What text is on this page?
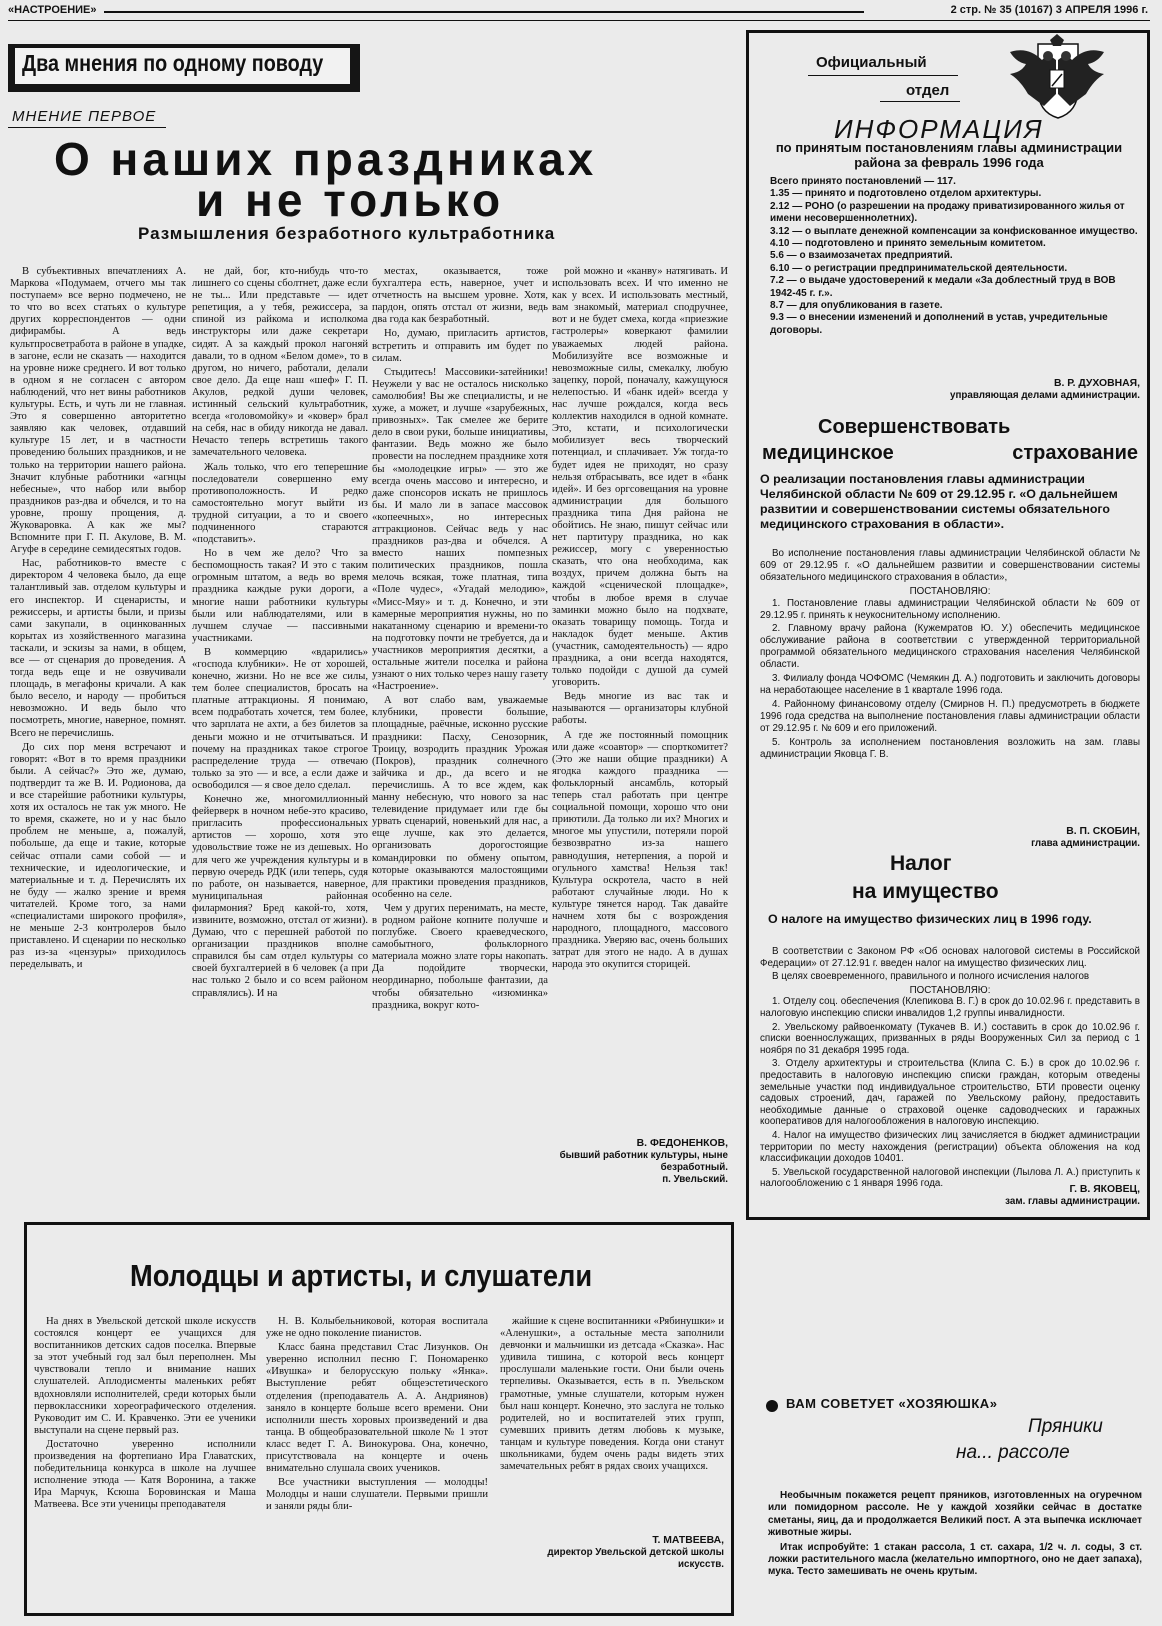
«НАСТРОЕНИЕ»	2 стр. № 35 (10167) 3 АПРЕЛЯ 1996 г.
Два мнения по одному поводу
МНЕНИЕ ПЕРВОЕ
О наших праздниках
и не только
Размышления безработного культработника

В субъективных впечатлениях А. Маркова «Подумаем, отчего мы так поступаем» все верно подмечено, не то что во всех статьях о культуре других корреспондентов — одни дифирамбы. А ведь культпросветработа в районе в упадке, в загоне, если не сказать — находится на уровне ниже среднего. И вот только в одном я не согласен с автором наблюдений, что нет вины работников культуры. Есть, и чуть ли не главная. Это я совершенно авторитетно заявляю как человек, отдавший культуре 15 лет, и в частности проведению больших праздников, и не только на территории нашего района. Значит клубные работники «агнцы небесные», что набор или выбор праздников раз-два и обчелся, и то на уровне, прошу прощения, д. Жуковаровка. А как же мы? Вспомните при Г. П. Акулове, В. М. Агуфе в середине семидесятых годов.

Нас, работников-то вместе с директором 4 человека было, да еще талантливый зав. отделом культуры и его инспектор. И сценаристы, и режиссеры, и артисты были, и призы сами закупали, в оцинкованных корытах из хозяйственного магазина таскали, и эскизы за нами, в общем, все — от сценария до проведения. А тогда ведь еще и не озвучивали площадь, в мегафоны кричали. А как было весело, и народу — пробиться невозможно. И ведь было что посмотреть, многие, наверное, помнят. Всего не перечислишь.

До сих пор меня встречают и говорят: «Вот в то время праздники были. А сейчас?» Это же, думаю, подтвердит та же В. И. Родионова, да и все старейшие работники культуры, хотя их осталось не так уж много. Не то время, скажете, но и у нас было проблем не меньше, а, пожалуй, побольше, да еще и такие, которые сейчас отпали сами собой — и технические, и идеологические, и материальные и т. д. Перечислять их не буду — жалко зрение и время читателей. Кроме того, за нами «специалистами широкого профиля», не меньше 2-3 контролеров было приставлено. И сценарии по несколько раз из-за «цензуры» приходилось переделывать, и

не дай, бог, кто-нибудь что-то лишнего со сцены сболтнет, даже если не ты... Или представьте — идет репетиция, а у тебя, режиссера, за спиной из райкома и исполкома инструкторы или даже секретари сидят. А за каждый прокол нагоняй давали, то в одном «Белом доме», то в другом, но ничего, работали, делали свое дело. Да еще наш «шеф» Г. П. Акулов, редкой души человек, истинный сельский культработник, всегда «головомойку» и «ковер» брал на себя, нас в обиду никогда не давал. Нечасто теперь встретишь такого замечательного человека.

Жаль только, что его теперешние последователи совершенно ему противоположность. И редко самостоятельно могут выйти из трудной ситуации, а то и своего подчиненного стараются «подставить».

Но в чем же дело? Что за беспомощность такая? И это с таким огромным штатом, а ведь во время праздника каждые руки дороги, а многие наши работники культуры были или наблюдателями, или в лучшем случае — пассивными участниками.

В коммерцию «вдарились» «господа клубники». Не от хорошей, конечно, жизни. Но не все же силы, тем более специалистов, бросать на платные аттракционы. Я понимаю, всем подработать хочется, тем более, что зарплата не ахти, а без билетов за деньги можно и не отчитываться. И почему на праздниках такое строгое распределение труда — отвечаю только за это — и все, а если даже и освободился — я свое дело сделал.

Конечно же, многомиллионный фейерверк в ночном небе-это красиво, пригласить профессиональных артистов — хорошо, хотя это удовольствие тоже не из дешевых. Но для чего же учреждения культуры и в первую очередь РДК (или теперь, судя по работе, он называется, наверное, муниципальная районная филармония? Бред какой-то, хотя, извините, возможно, отстал от жизни). Думаю, что с перешней работой по организации праздников вполне справился бы сам отдел культуры со своей бухгалтерией в 6 человек (а при нас только 2 было и со всем районом справлялись). И на

местах, оказывается, тоже бухгалтера есть, наверное, учет и отчетность на высшем уровне. Хотя, пардон, опять отстал от жизни, ведь два года как безработный.

Но, думаю, пригласить артистов, встретить и отправить им будет по силам.

Стыдитесь! Массовики-затейники! Неужели у вас не осталось нисколько самолюбия! Вы же специалисты, и не хуже, а может, и лучше «зарубежных, привозных». Так смелее же берите дело в свои руки, больше инициативы, фантазии. Ведь можно же было провести на последнем празднике хотя бы «молодецкие игры» — это же всегда очень массово и интересно, и даже спонсоров искать не пришлось бы. И мало ли в запасе массовок «копеечных», но интересных аттракционов. Сейчас ведь у нас праздников раз-два и обчелся. А вместо наших помпезных политических праздников, пошла мелочь всякая, тоже платная, типа «Поле чудес», «Угадай мелодию», «Мисс-Мяу» и т. д. Конечно, и эти камерные мероприятия нужны, но по накатанному сценарию и времени-то на подготовку почти не требуется, да и участников мероприятия десятки, а остальные жители поселка и района узнают о них только через нашу газету «Настроение».

А вот слабо вам, уважаемые клубники, провести большие, площадные, раёчные, исконно русские праздники: Пасху, Сенозорник, Троицу, возродить праздник Урожая (Покров), праздник солнечного зайчика и др., да всего и не перечислишь. А то все ждем, как манну небесную, что нового за нас телевидение придумает или где бы урвать сценарий, новенький для нас, а еще лучше, как это делается, организовать дорогостоящие командировки по обмену опытом, которые оказываются малостоящими для практики проведения праздников, особенно на селе.

Чем у других перенимать, на месте, в родном районе копните получше и поглубже. Своего краеведческого, самобытного, фольклорного материала можно злате горы накопать. Да подойдите творчески, неординарно, побольше фантазии, да чтобы обязательно «изюминка» праздника, вокруг кото-

рой можно и «канву» натягивать. И использовать всех. И что именно не как у всех. И использовать местный, вам знакомый, материал сподручнее, вот и не будет смеха, когда «приезжие гастролеры» коверкают фамилии уважаемых людей района. Мобилизуйте все возможные и невозможные силы, смекалку, любую зацепку, порой, поначалу, кажущуюся нелепостью. И «банк идей» всегда у нас лучше рождался, когда весь коллектив находился в одной комнате. Это, кстати, и психологически мобилизует весь творческий потенциал, и сплачивает. Уж тогда-то будет идея не приходят, но сразу нельзя отбрасывать, все идет в «банк идей». И без оргсовещания на уровне администрации для большого праздника типа Дня района не обойтись. Не знаю, пишут сейчас или нет партитуру праздника, но как режиссер, могу с уверенностью сказать, что она необходима, как воздух, причем должна быть на каждой «сценической площадке», чтобы в любое время в случае заминки можно было на подхвате, оказать товарищу помощь. Тогда и накладок будет меньше. Актив (участник, самодеятельность) — ядро праздника, а они всегда находятся, только подойди с душой да сумей уговорить.

Ведь многие из вас так и называются — организаторы клубной работы.

А где же постоянный помощник или даже «соавтор» — спорткомитет? (Это же наши общие праздники) А ягодка каждого праздника — фольклорный ансамбль, который теперь стал работать при центре социальной помощи, хорошо что они приютили. Да только ли их? Многих и многое мы упустили, потеряли порой безвозвратно из-за нашего равнодушия, нетерпения, а порой и огульного хамства! Нельзя так! Культура оскротела, часто в ней работают случайные люди. Но к культуре тянется народ. Так давайте начнем хотя бы с возрождения народного, площадного, массового праздника. Уверяю вас, очень больших затрат для этого не надо. А в душах народа это окупится сторицей.

В. ФЕДОНЕНКОВ,
бывший работник культуры, ныне безработный.
п. Увельский.
Молодцы и артисты, и слушатели

На днях в Увельской детской школе искусств состоялся концерт ее учащихся для воспитанников детских садов поселка. Впервые за этот учебный год зал был переполнен. Мы чувствовали тепло и внимание наших слушателей. Аплодисменты маленьких ребят вдохновляли исполнителей, среди которых были первоклассники хореографического отделения. Руководит им С. И. Кравченко. Эти ее ученики выступали на сцене первый раз.

Достаточно уверенно исполнили произведения на фортепиано Ира Главатских, победительница конкурса в школе на лучшее исполнение этюда — Катя Воронина, а также Ира Марчук, Ксюша Боровинская и Маша Матвеева. Все эти ученицы преподавателя

Н. В. Колыбельниковой, которая воспитала уже не одно поколение пианистов.

Класс баяна представил Стас Лизунков. Он уверенно исполнил песню Г. Пономаренко «Ивушка» и белорусскую польку «Янка». Выступление ребят общеэстетического отделения (преподаватель А. А. Андриянов) заняло в концерте больше всего времени. Они исполнили шесть хоровых произведений и два танца. В общеобразовательной школе № 1 этот класс ведет Г. А. Винокурова. Она, конечно, присутствовала на концерте и очень внимательно слушала своих учеников.

Все участники выступления — молодцы! Молодцы и наши слушатели. Первыми пришли и заняли ряды бли-

жайшие к сцене воспитанники «Рябинушки» и «Аленушки», а остальные места заполнили девчонки и мальчишки из детсада «Сказка». Нас удивила тишина, с которой весь концерт прослушали маленькие гости. Они были очень терпеливы. Оказывается, есть в п. Увельском грамотные, умные слушатели, которым нужен был наш концерт. Конечно, это заслуга не только родителей, но и воспитателей этих групп, сумевших привить детям любовь к музыке, танцам и культуре поведения. Когда они станут школьниками, будем очень рады видеть этих замечательных ребят в рядах своих учащихся.

Т. МАТВЕЕВА,
директор Увельской детской школы искусств.
Официальный
отдел
ИНФОРМАЦИЯ
по принятым постановлениям главы администрации района за февраль 1996 года
Всего принято постановлений — 117.
1.35 — принято и подготовлено отделом архитектуры.
2.12 — РОНО (о разрешении на продажу приватизированного жилья от имени несовершеннолетних).
3.12 — о выплате денежной компенсации за конфискованное имущество.
4.10 — подготовлено и принято земельным комитетом.
5.6 — о взаимозачетах предприятий.
6.10 — о регистрации предпринимательской деятельности.
7.2 — о выдаче удостоверений к медали «За доблестный труд в ВОВ 1942-45 г. г.».
8.7 — для опубликования в газете.
9.3 — о внесении изменений и дополнений в устав, учредительные договоры.
В. Р. ДУХОВНАЯ,
управляющая делами администрации.
Совершенствовать
медицинское страхование
О реализации постановления главы администрации Челябинской области № 609 от 29.12.95 г. «О дальнейшем развитии и совершенствовании системы обязательного медицинского страхования в области».

Во исполнение постановления главы администрации Челябинской области № 609 от 29.12.95 г. «О дальнейшем развитии и совершенствовании системы обязательного медицинского страхования в области»,

ПОСТАНОВЛЯЮ:

1. Постановление главы администрации Челябинской области № 609 от 29.12.95 г. принять к неукоснительному исполнению.

2. Главному врачу района (Кужемратов Ю. У.) обеспечить медицинское обслуживание района в соответствии с утвержденной территориальной программой обязательного медицинского страхования населения Челябинской области.

3. Филиалу фонда ЧОФОМС (Чемякин Д. А.) подготовить и заключить договоры на неработающее население в 1 квартале 1996 года.

4. Районному финансовому отделу (Смирнов Н. П.) предусмотреть в бюджете 1996 года средства на выполнение постановления главы администрации области от 29.12.95 г. № 609 и его приложений.

5. Контроль за исполнением постановления возложить на зам. главы администрации Яковца Г. В.

В. П. СКОБИН,
глава администрации.
Налог
на имущество
О налоге на имущество физических лиц в 1996 году.

В соответствии с Законом РФ «Об основах налоговой системы в Российской Федерации» от 27.12.91 г. введен налог на имущество физических лиц.

В целях своевременного, правильного и полного исчисления налогов

ПОСТАНОВЛЯЮ:

1. Отделу соц. обеспечения (Клепикова В. Г.) в срок до 10.02.96 г. представить в налоговую инспекцию списки инвалидов 1,2 группы инвалидности.

2. Увельскому райвоенкомату (Тукачев В. И.) составить в срок до 10.02.96 г. списки военнослужащих, призванных в ряды Вооруженных Сил за период с 1 ноября по 31 декабря 1995 года.

3. Отделу архитектуры и строительства (Клипа С. Б.) в срок до 10.02.96 г. предоставить в налоговую инспекцию списки граждан, которым отведены земельные участки под индивидуальное строительство, БТИ провести оценку садовых строений, дач, гаражей по Увельскому району, предоставить необходимые данные о страховой оценке садоводческих и гаражных кооперативов для налогообложения в налоговую инспекцию.

4. Налог на имущество физических лиц зачисляется в бюджет администрации территории по месту нахождения (регистрации) объекта обложения на код классификации доходов 10401.

5. Увельской государственной налоговой инспекции (Лылова Л. А.) приступить к налогообложению с 1 января 1996 года.

Г. В. ЯКОВЕЦ,
зам. главы администрации.
ВАМ СОВЕТУЕТ «ХОЗЯЮШКА»
Пряники
на... рассоле

Необычным покажется рецепт пряников, изготовленных на огуречном или помидорном рассоле. Не у каждой хозяйки сейчас в достатке сметаны, яиц, да и продолжается Великий пост. А эта выпечка исключает животные жиры.

Итак испробуйте: 1 стакан рассола, 1 ст. сахара, 1/2 ч. л. соды, 3 ст. ложки растительного масла (желательно импортного, оно не дает запаха), мука. Тесто замешивать не очень крутым.
